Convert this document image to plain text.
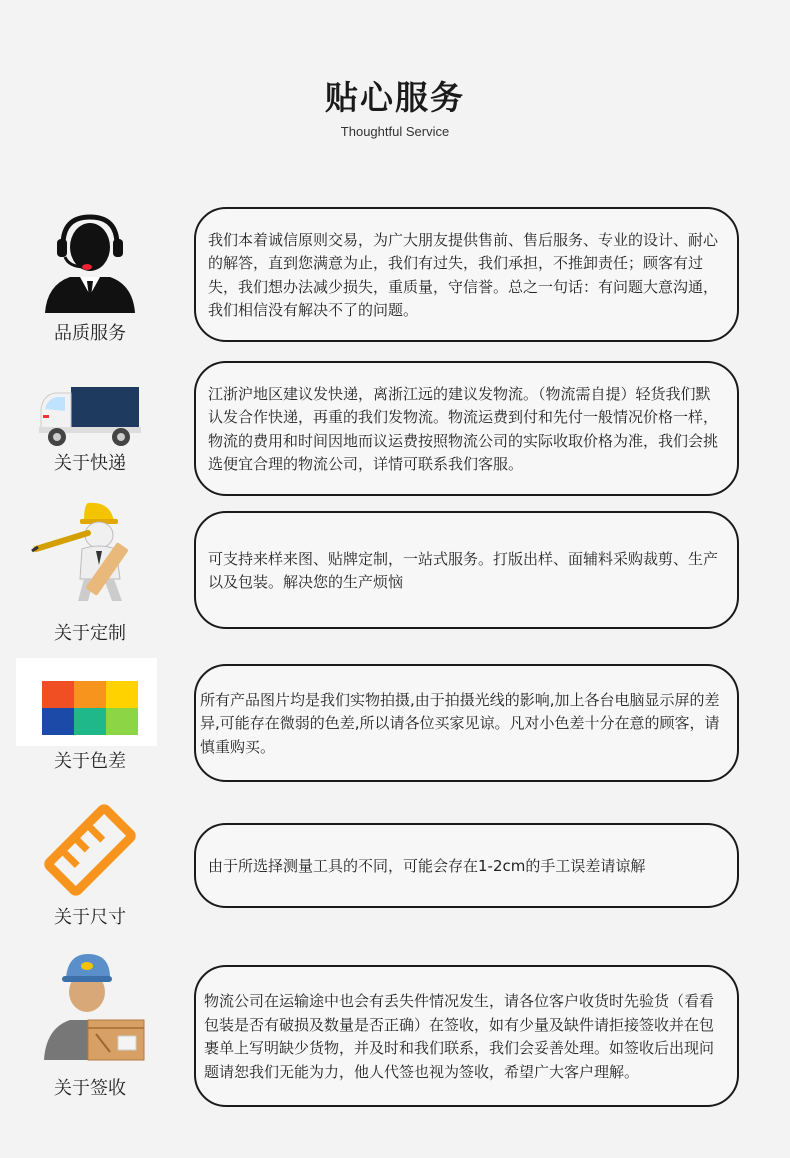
贴心服务
Thoughtful Service
品质服务
我们本着诚信原则交易，为广大朋友提供售前、售后服务、专业的设计、耐心的解答，直到您满意为止，我们有过失，我们承担，不推卸责任；顾客有过失，我们想办法减少损失，重质量，守信誉。总之一句话：有问题大意沟通，我们相信没有解决不了的问题。
关于快递
江浙沪地区建议发快递，离浙江远的建议发物流。（物流需自提）轻货我们默认发合作快递，再重的我们发物流。物流运费到付和先付一般情况价格一样，物流的费用和时间因地而议运费按照物流公司的实际收取价格为准，我们会挑选便宜合理的物流公司，详情可联系我们客服。
关于定制
可支持来样来图、贴牌定制，一站式服务。打版出样、面辅料采购裁剪、生产以及包装。解决您的生产烦恼
关于色差
所有产品图片均是我们实物拍摄,由于拍摄光线的影响,加上各台电脑显示屏的差异,可能存在微弱的色差,所以请各位买家见谅。凡对小色差十分在意的顾客，请慎重购买。
关于尺寸
由于所选择测量工具的不同，可能会存在1-2cm的手工误差请谅解
关于签收
物流公司在运输途中也会有丢失件情况发生，请各位客户收货时先验货（看看包装是否有破损及数量是否正确）在签收，如有少量及缺件请拒接签收并在包裹单上写明缺少货物，并及时和我们联系，我们会妥善处理。如签收后出现问题请恕我们无能为力，他人代签也视为签收，希望广大客户理解。
